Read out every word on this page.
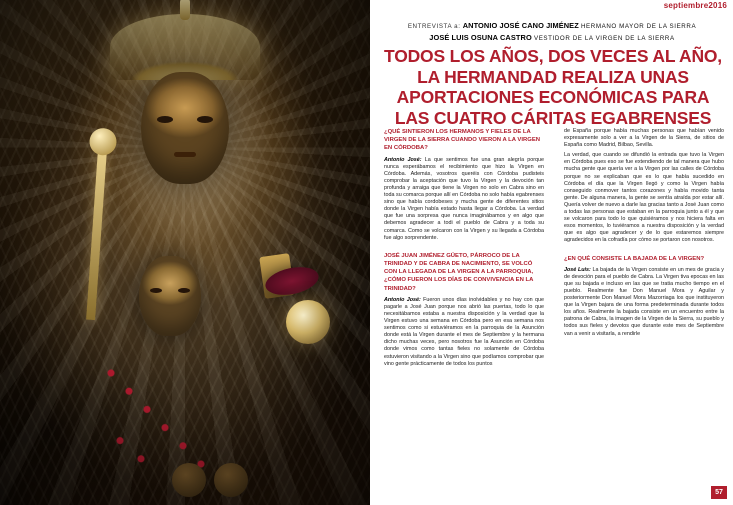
septiembre2016
ENTREVISTA a: ANTONIO JOSÉ CANO JIMÉNEZ HERMANO MAYOR DE LA SIERRA
JOSÉ LUIS OSUNA CASTRO VESTIDOR DE LA VIRGEN DE LA SIERRA
TODOS LOS AÑOS, DOS VECES AL AÑO, LA HERMANDAD REALIZA UNAS APORTACIONES ECONÓMICAS PARA LAS CUATRO CÁRITAS EGABRENSES
¿QUÉ SINTIERON LOS HERMANOS Y FIELES DE LA VIRGEN DE LA SIERRA CUANDO VIERON A LA VIRGEN EN CÓRDOBA?

Antonio José: La que sentimos fue una gran alegría porque nunca esperábamos el recibimiento que hizo la Virgen en Córdoba. Además, vosotros queréis con Córdoba pudisteis comprobar la aceptación que tuvo la Virgen y la devoción tan profunda y arraiga que tiene la Virgen no solo en Cabra sino en toda su comarca porque allí en Córdoba no solo había egabrenses sino que había cordobeses y mucha gente de diferentes sitios donde la Virgen había estado hasta llegar a Córdoba. La verdad que fue una sorpresa que nunca imaginábamos y en algo que debemos agradecer a todi el pueblo de Cabra y a toda su comarca. Como se volcaron con la Virgen y su llegada a Córdoba fue algo sorprendente.

JOSÉ JUAN JIMÉNEZ GÜETO, PÁRROCO DE LA TRINIDAD Y DE CABRA DE NACIMIENTO, SE VOLCÓ CON LA LLEGADA DE LA VIRGEN A LA PARROQUIA, ¿CÓMO FUERON LOS DÍAS DE CONVIVENCIA EN LA TRINIDAD?

Antonio José: Fueron unos días inolvidables y no hay con que pagarle a José Juan porque nos abrió las puertas, todo lo que necesitábamos estaba a nuestra disposición y la verdad que la Virgen estuvo una semana en Córdoba pero en esa semana nos sentimos como si estuviéramos en la parroquia de la Asunción donde está la Virgen durante el mes de Septiembre y la hermana dicho muchas veces, pero nosotros fue la Asunción en Córdoba donde vimos como tantas fieles no solamente de Córdoba estuvieron visitando a la Virgen sino que podíamos comprobar que vino gente prácticamente de todos los puntos

de España porque había muchas personas que habían venido expresamente solo a ver a la Virgen de la Sierra, de sitios de España como Madrid, Bilbao, Sevilla.

La verdad, que cuando se difundió la entrada que tuvo la Virgen en Córdoba pues eso se fue extendiendo de tal manera que hubo mucha gente que quería ver a la Virgen por las calles de Córdoba porque no se explicaban que es lo que había sucedido en Córdoba el día que la Virgen llegó y como la Virgen había conseguido conmover tantos corazones y había movido tanta gente. De alguna manera, la gente se sentía atraída por estar allí. Quería volver de nuevo a darle las gracias tanto a José Juan como a todas las personas que estaban en la parroquia junto a él y que se volcaron para todo lo que quisiéramos y nos hiciera falta en esos momentos, lo tuviéramos a nuestra disposición y la verdad que es algo que agradecer y de lo que estaremos siempre agradecidos en la cofradía por cómo se portaron con nosotros.

¿EN QUÉ CONSISTE LA BAJADA DE LA VIRGEN?

José Luis: La bajada de la Virgen consiste en un mes de gracia y de devoción para el pueblo de Cabra. La Virgen tiva epocas en las que su bajada e incluso en las que se tratia mucho tiempo en el pueblo. Realmente fue Don Manuel Mora y Aguilar y posteriormente Don Manuel Mora Mazorriaga los que instituyeron que la Virgen bajara de una forma predeterminada durante todos los años. Realmente la bajada consiste en un encuentro entre la patrona de Cabra, la imagen de la Virgen de la Sierra, su pueblo y todos sus fieles y devotos que durante este mes de Septiembre van a venir a visitarla, a rendirle

57
